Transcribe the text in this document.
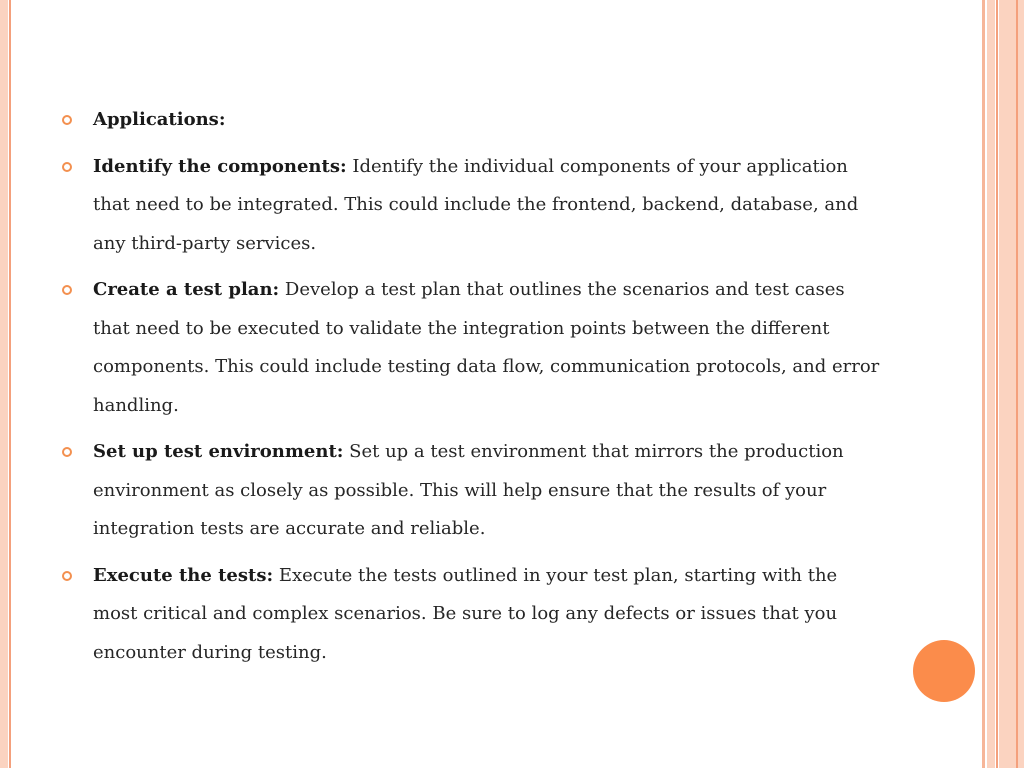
Applications:
Identify the components: Identify the individual components of your application that need to be integrated. This could include the frontend, backend, database, and any third-party services.
Create a test plan: Develop a test plan that outlines the scenarios and test cases that need to be executed to validate the integration points between the different components. This could include testing data flow, communication protocols, and error handling.
Set up test environment: Set up a test environment that mirrors the production environment as closely as possible. This will help ensure that the results of your integration tests are accurate and reliable.
Execute the tests: Execute the tests outlined in your test plan, starting with the most critical and complex scenarios. Be sure to log any defects or issues that you encounter during testing.
